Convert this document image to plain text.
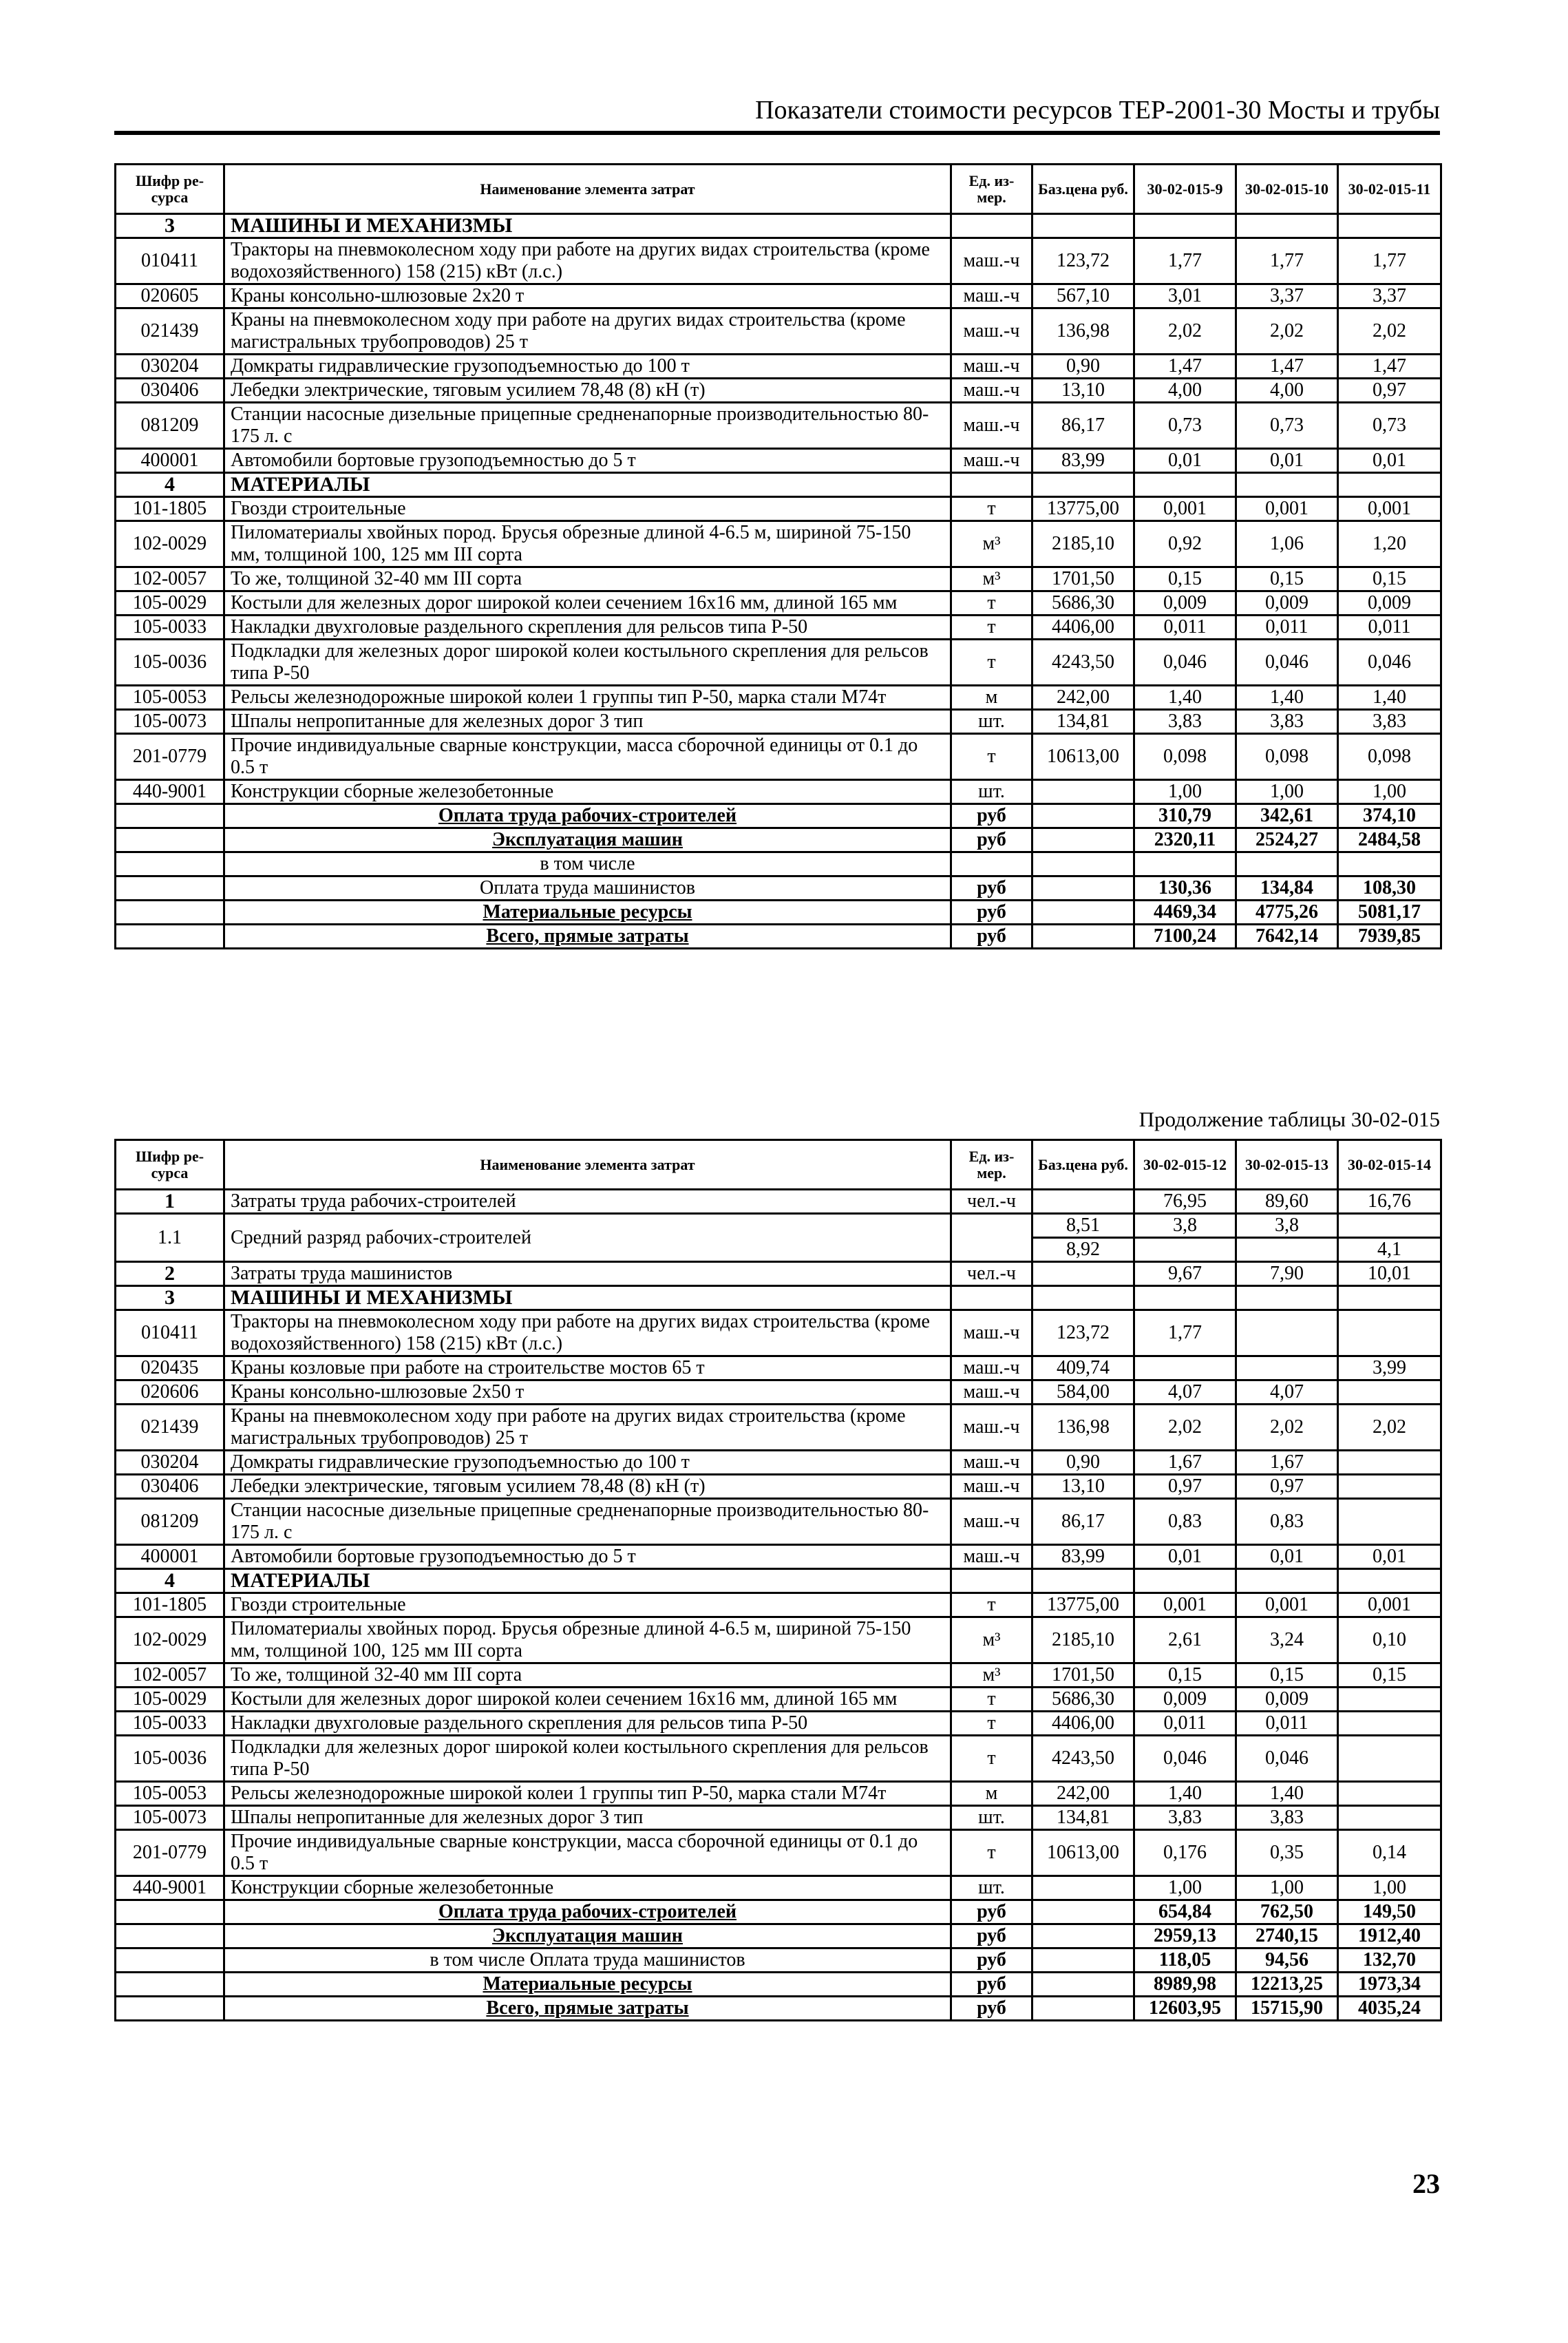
Показатели стоимости ресурсов ТЕР-2001-30 Мосты и трубы
Шифр ре-сурса	Наименование элемента затрат	Ед. из-мер.	Баз.цена руб.	30-02-015-9	30-02-015-10	30-02-015-11
3	МАШИНЫ И МЕХАНИЗМЫ					
010411	Тракторы на пневмоколесном ходу при работе на других видах строительства (кроме водохозяйственного) 158 (215) кВт (л.с.)	маш.-ч	123,72	1,77	1,77	1,77
020605	Краны консольно-шлюзовые 2х20 т	маш.-ч	567,10	3,01	3,37	3,37
021439	Краны на пневмоколесном ходу при работе на других видах строительства (кроме магистральных трубопроводов) 25 т	маш.-ч	136,98	2,02	2,02	2,02
030204	Домкраты гидравлические грузоподъемностью до 100 т	маш.-ч	0,90	1,47	1,47	1,47
030406	Лебедки электрические, тяговым усилием 78,48 (8) кН (т)	маш.-ч	13,10	4,00	4,00	0,97
081209	Станции насосные дизельные прицепные средненапорные производительностью 80-175 л. с	маш.-ч	86,17	0,73	0,73	0,73
400001	Автомобили бортовые грузоподъемностью до 5 т	маш.-ч	83,99	0,01	0,01	0,01
4	МАТЕРИАЛЫ					
101-1805	Гвозди строительные	т	13775,00	0,001	0,001	0,001
102-0029	Пиломатериалы хвойных пород. Брусья обрезные длиной 4-6.5 м, шириной 75-150 мм, толщиной 100, 125 мм III сорта	м³	2185,10	0,92	1,06	1,20
102-0057	То же, толщиной 32-40 мм III сорта	м³	1701,50	0,15	0,15	0,15
105-0029	Костыли для железных дорог широкой колеи сечением 16х16 мм, длиной 165 мм	т	5686,30	0,009	0,009	0,009
105-0033	Накладки двухголовые раздельного скрепления для рельсов типа Р-50	т	4406,00	0,011	0,011	0,011
105-0036	Подкладки для железных дорог широкой колеи костыльного скрепления для рельсов типа Р-50	т	4243,50	0,046	0,046	0,046
105-0053	Рельсы железнодорожные широкой колеи 1 группы тип Р-50, марка стали М74т	м	242,00	1,40	1,40	1,40
105-0073	Шпалы непропитанные для железных дорог 3 тип	шт.	134,81	3,83	3,83	3,83
201-0779	Прочие индивидуальные сварные конструкции, масса сборочной единицы от 0.1 до 0.5 т	т	10613,00	0,098	0,098	0,098
440-9001	Конструкции сборные железобетонные	шт.		1,00	1,00	1,00
	Оплата труда рабочих-строителей	руб		310,79	342,61	374,10
	Эксплуатация машин	руб		2320,11	2524,27	2484,58
	в том числе					
	Оплата труда машинистов	руб		130,36	134,84	108,30
	Материальные ресурсы	руб		4469,34	4775,26	5081,17
	Всего, прямые затраты	руб		7100,24	7642,14	7939,85
Продолжение таблицы 30-02-015
Шифр ре-сурса	Наименование элемента затрат	Ед. из-мер.	Баз.цена руб.	30-02-015-12	30-02-015-13	30-02-015-14
1	Затраты труда рабочих-строителей	чел.-ч		76,95	89,60	16,76
1.1	Средний разряд рабочих-строителей		8,51	3,8	3,8	
			8,92			4,1
2	Затраты труда машинистов	чел.-ч		9,67	7,90	10,01
3	МАШИНЫ И МЕХАНИЗМЫ					
010411	Тракторы на пневмоколесном ходу при работе на других видах строительства (кроме водохозяйственного) 158 (215) кВт (л.с.)	маш.-ч	123,72	1,77		
020435	Краны козловые при работе на строительстве мостов 65 т	маш.-ч	409,74			3,99
020606	Краны консольно-шлюзовые 2х50 т	маш.-ч	584,00	4,07	4,07	
021439	Краны на пневмоколесном ходу при работе на других видах строительства (кроме магистральных трубопроводов) 25 т	маш.-ч	136,98	2,02	2,02	2,02
030204	Домкраты гидравлические грузоподъемностью до 100 т	маш.-ч	0,90	1,67	1,67	
030406	Лебедки электрические, тяговым усилием 78,48 (8) кН (т)	маш.-ч	13,10	0,97	0,97	
081209	Станции насосные дизельные прицепные средненапорные производительностью 80-175 л. с	маш.-ч	86,17	0,83	0,83	
400001	Автомобили бортовые грузоподъемностью до 5 т	маш.-ч	83,99	0,01	0,01	0,01
4	МАТЕРИАЛЫ					
101-1805	Гвозди строительные	т	13775,00	0,001	0,001	0,001
102-0029	Пиломатериалы хвойных пород. Брусья обрезные длиной 4-6.5 м, шириной 75-150 мм, толщиной 100, 125 мм III сорта	м³	2185,10	2,61	3,24	0,10
102-0057	То же, толщиной 32-40 мм III сорта	м³	1701,50	0,15	0,15	0,15
105-0029	Костыли для железных дорог широкой колеи сечением 16х16 мм, длиной 165 мм	т	5686,30	0,009	0,009	
105-0033	Накладки двухголовые раздельного скрепления для рельсов типа Р-50	т	4406,00	0,011	0,011	
105-0036	Подкладки для железных дорог широкой колеи костыльного скрепления для рельсов типа Р-50	т	4243,50	0,046	0,046	
105-0053	Рельсы железнодорожные широкой колеи 1 группы тип Р-50, марка стали М74т	м	242,00	1,40	1,40	
105-0073	Шпалы непропитанные для железных дорог 3 тип	шт.	134,81	3,83	3,83	
201-0779	Прочие индивидуальные сварные конструкции, масса сборочной единицы от 0.1 до 0.5 т	т	10613,00	0,176	0,35	0,14
440-9001	Конструкции сборные железобетонные	шт.		1,00	1,00	1,00
	Оплата труда рабочих-строителей	руб		654,84	762,50	149,50
	Эксплуатация машин	руб		2959,13	2740,15	1912,40
	в том числе Оплата труда машинистов	руб		118,05	94,56	132,70
	Материальные ресурсы	руб		8989,98	12213,25	1973,34
	Всего, прямые затраты	руб		12603,95	15715,90	4035,24
23
